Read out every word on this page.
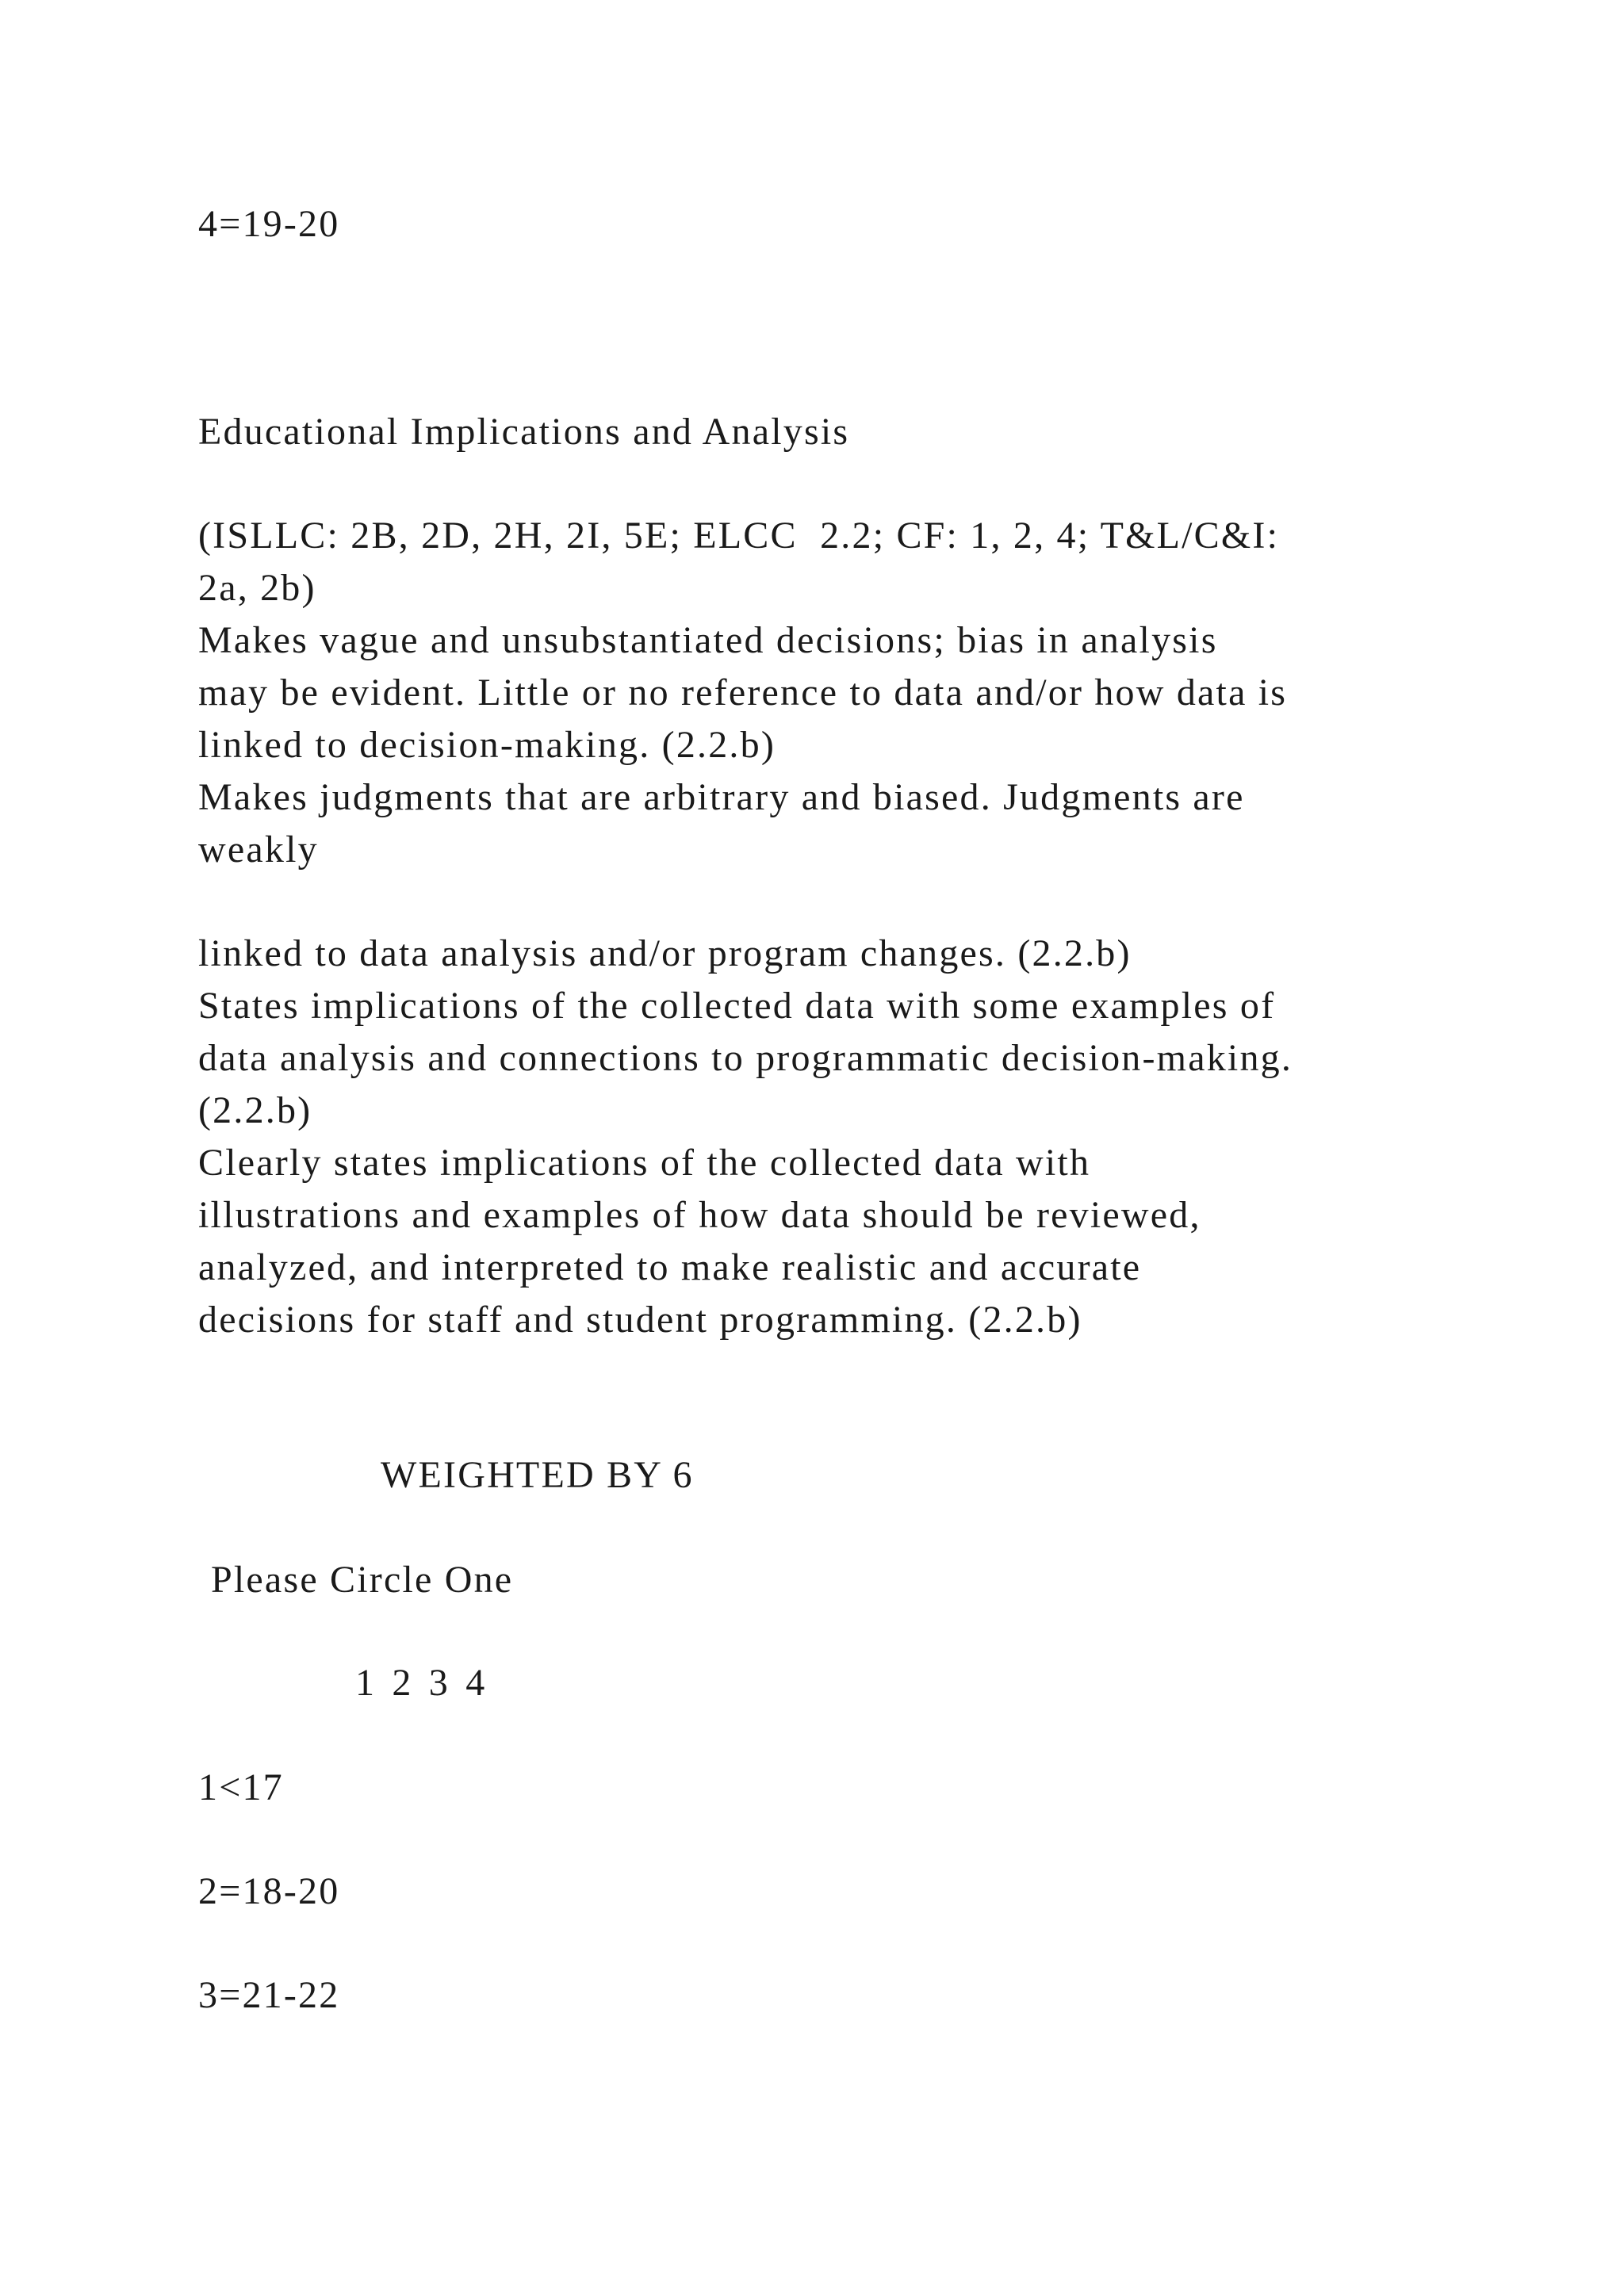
4=19-20
Educational Implications and Analysis
(ISLLC: 2B, 2D, 2H, 2I, 5E; ELCC  2.2; CF: 1, 2, 4; T&L/C&I:
2a, 2b)
Makes vague and unsubstantiated decisions; bias in analysis
may be evident. Little or no reference to data and/or how data is
linked to decision-making. (2.2.b)
Makes judgments that are arbitrary and biased. Judgments are
weakly
linked to data analysis and/or program changes. (2.2.b)
States implications of the collected data with some examples of
data analysis and connections to programmatic decision-making.
(2.2.b)
Clearly states implications of the collected data with
illustrations and examples of how data should be reviewed,
analyzed, and interpreted to make realistic and accurate
decisions for staff and student programming. (2.2.b)
WEIGHTED BY 6
Please Circle One
1 2 3 4
1<17
2=18-20
3=21-22
